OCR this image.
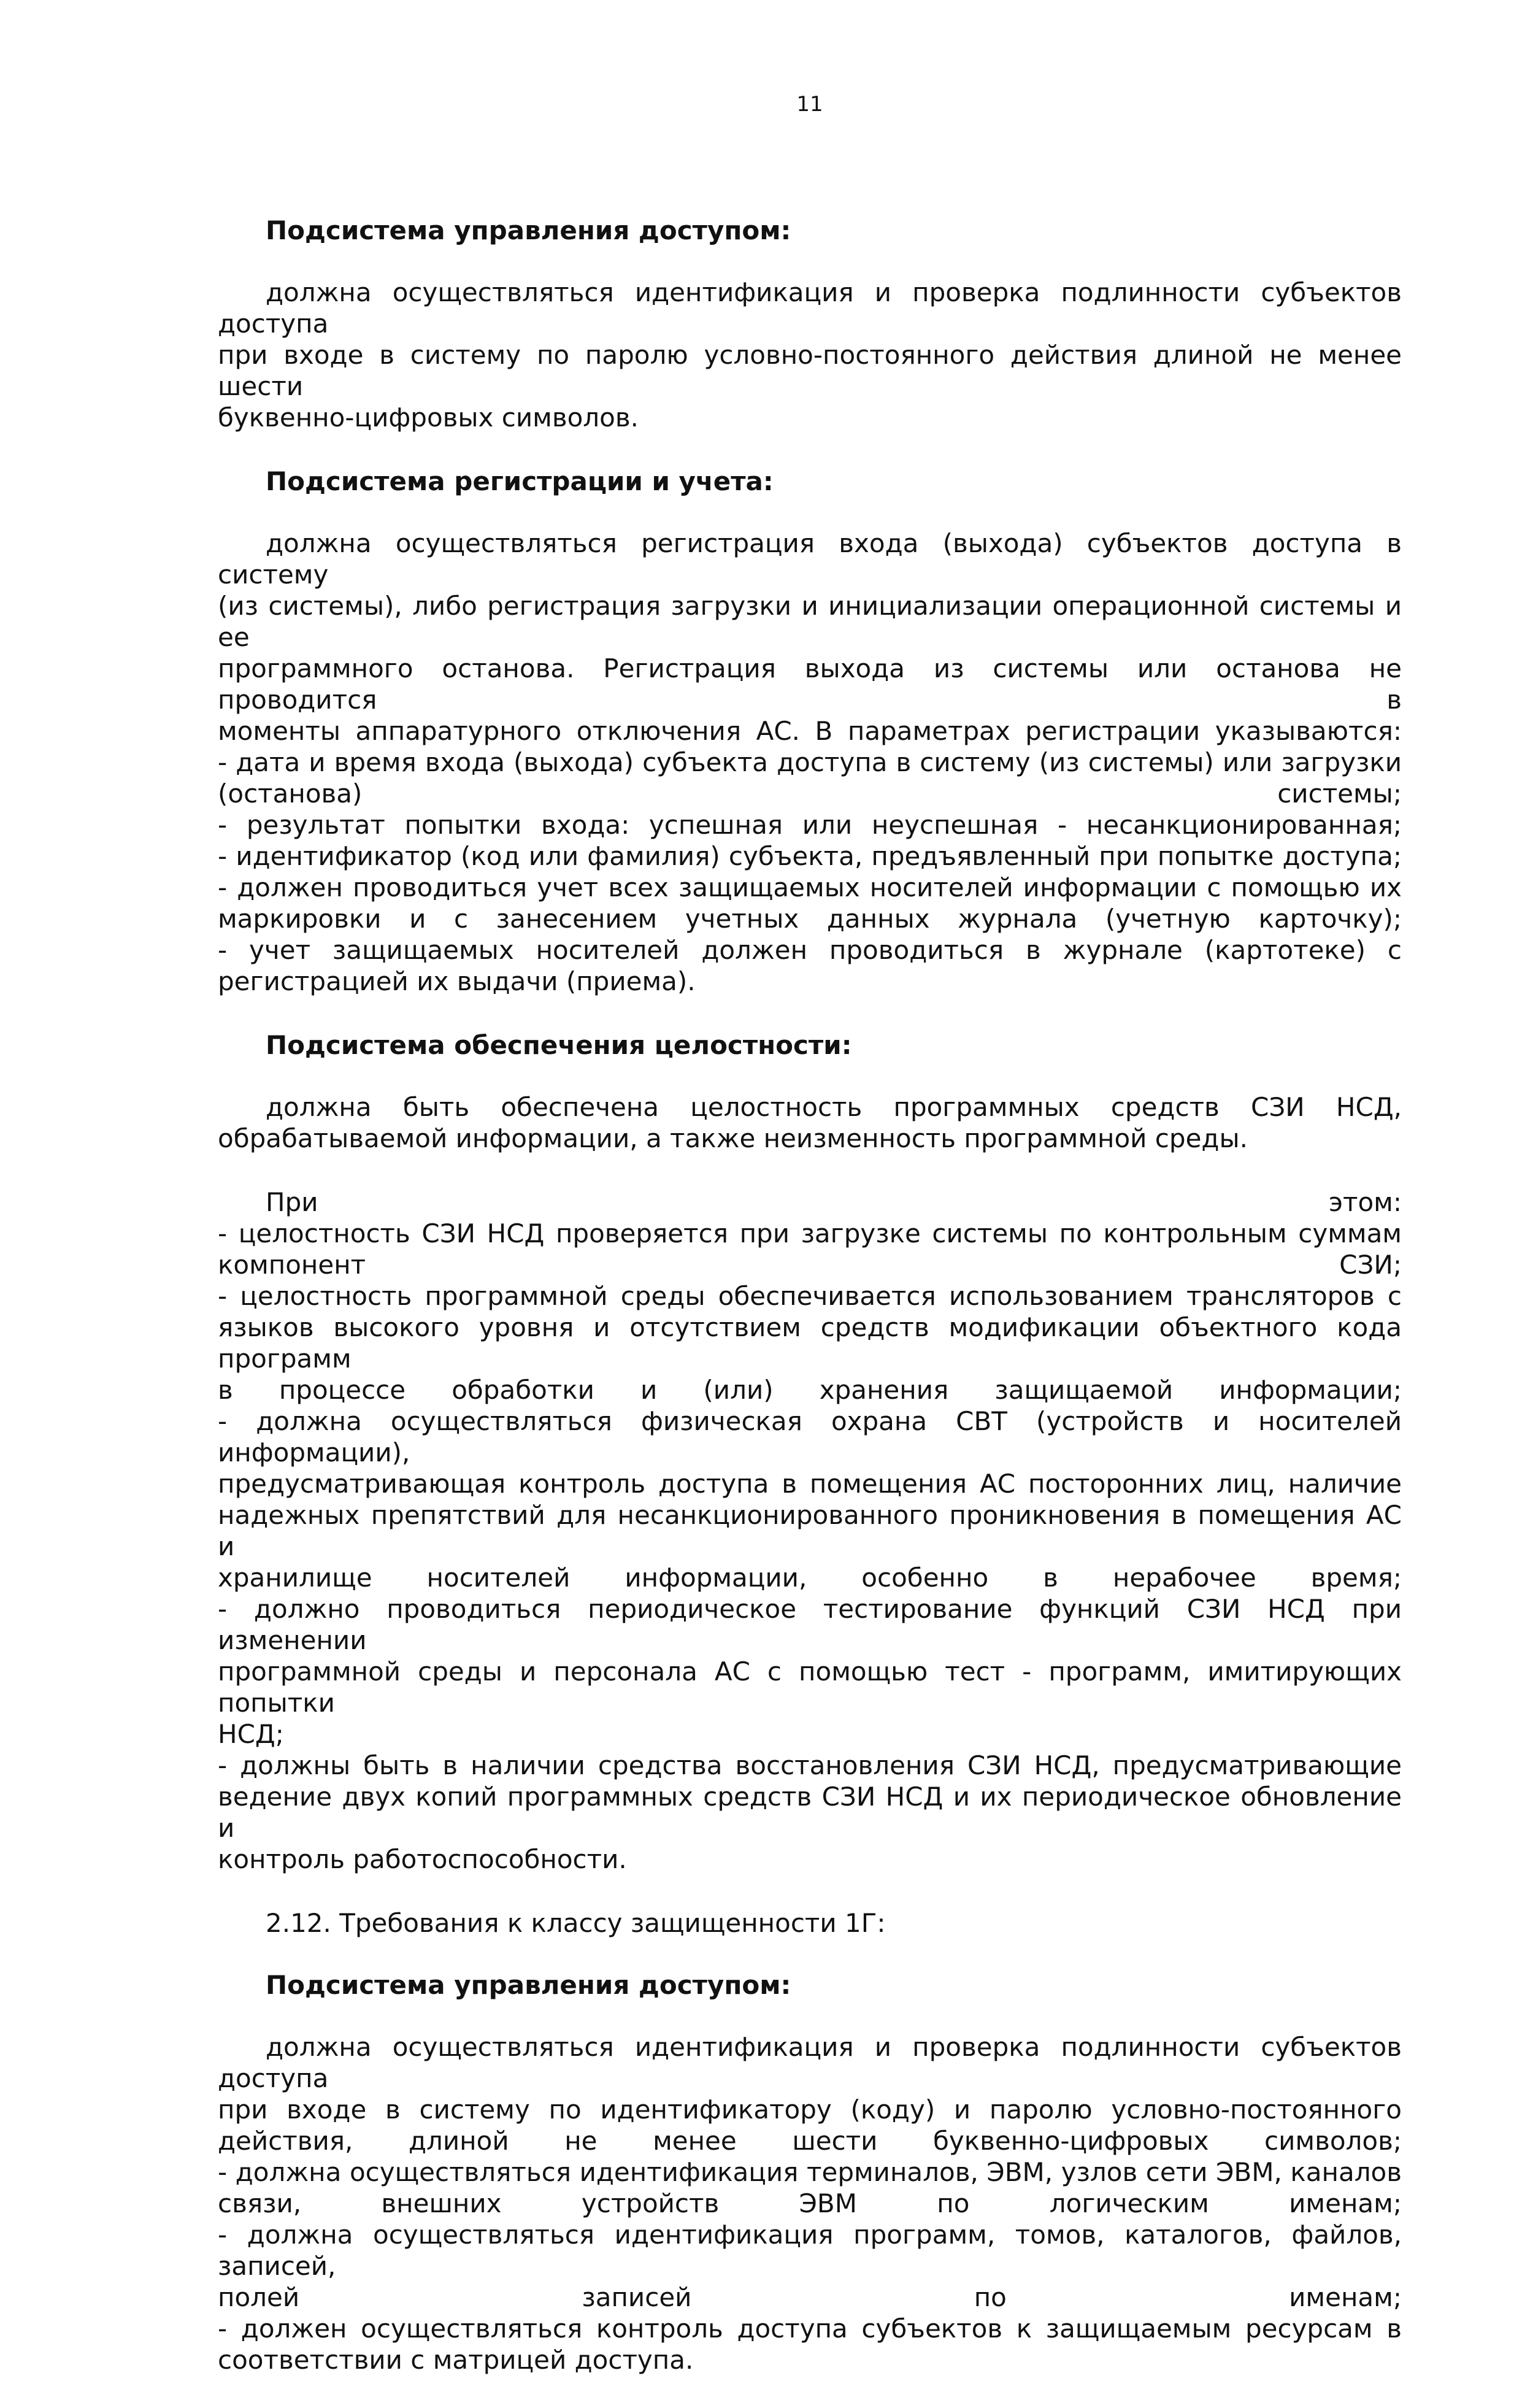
11
Подсистема управления доступом:
должна осуществляться идентификация и проверка подлинности субъектов доступа
при входе в систему по паролю условно-постоянного действия длиной не менее шести
буквенно-цифровых символов.
Подсистема регистрации и учета:
должна осуществляться регистрация входа (выхода) субъектов доступа в систему
(из системы), либо регистрация загрузки и инициализации операционной системы и ее
программного останова. Регистрация выхода из системы или останова не проводится в
моменты аппаратурного отключения АС. В параметрах регистрации указываются:
- дата и время входа (выхода) субъекта доступа в систему (из системы) или загрузки
(останова) системы;
- результат попытки входа: успешная или неуспешная - несанкционированная;
- идентификатор (код или фамилия) субъекта, предъявленный при попытке доступа;
- должен проводиться учет всех защищаемых носителей информации с помощью их
маркировки и с занесением учетных данных журнала (учетную карточку);
- учет защищаемых носителей должен проводиться в журнале (картотеке) с
регистрацией их выдачи (приема).
Подсистема обеспечения целостности:
должна быть обеспечена целостность программных средств СЗИ НСД,
обрабатываемой информации, а также неизменность программной среды.
При этом:
- целостность СЗИ НСД проверяется при загрузке системы по контрольным суммам
компонент СЗИ;
- целостность программной среды обеспечивается использованием трансляторов с
языков высокого уровня и отсутствием средств модификации объектного кода программ
в процессе обработки и (или) хранения защищаемой информации;
- должна осуществляться физическая охрана СВТ (устройств и носителей информации),
предусматривающая контроль доступа в помещения АС посторонних лиц, наличие
надежных препятствий для несанкционированного проникновения в помещения АС и
хранилище носителей информации, особенно в нерабочее время;
- должно проводиться периодическое тестирование функций СЗИ НСД при изменении
программной среды и персонала АС с помощью тест - программ, имитирующих попытки
НСД;
- должны быть в наличии средства восстановления СЗИ НСД, предусматривающие
ведение двух копий программных средств СЗИ НСД и их периодическое обновление и
контроль работоспособности.
2.12. Требования к классу защищенности 1Г:
Подсистема управления доступом:
должна осуществляться идентификация и проверка подлинности субъектов доступа
при входе в систему по идентификатору (коду) и паролю условно-постоянного
действия, длиной не менее шести буквенно-цифровых символов;
- должна осуществляться идентификация терминалов, ЭВМ, узлов сети ЭВМ, каналов
связи, внешних устройств ЭВМ по логическим именам;
- должна осуществляться идентификация программ, томов, каталогов, файлов, записей,
полей записей по именам;
- должен осуществляться контроль доступа субъектов к защищаемым ресурсам в
соответствии с матрицей доступа.
